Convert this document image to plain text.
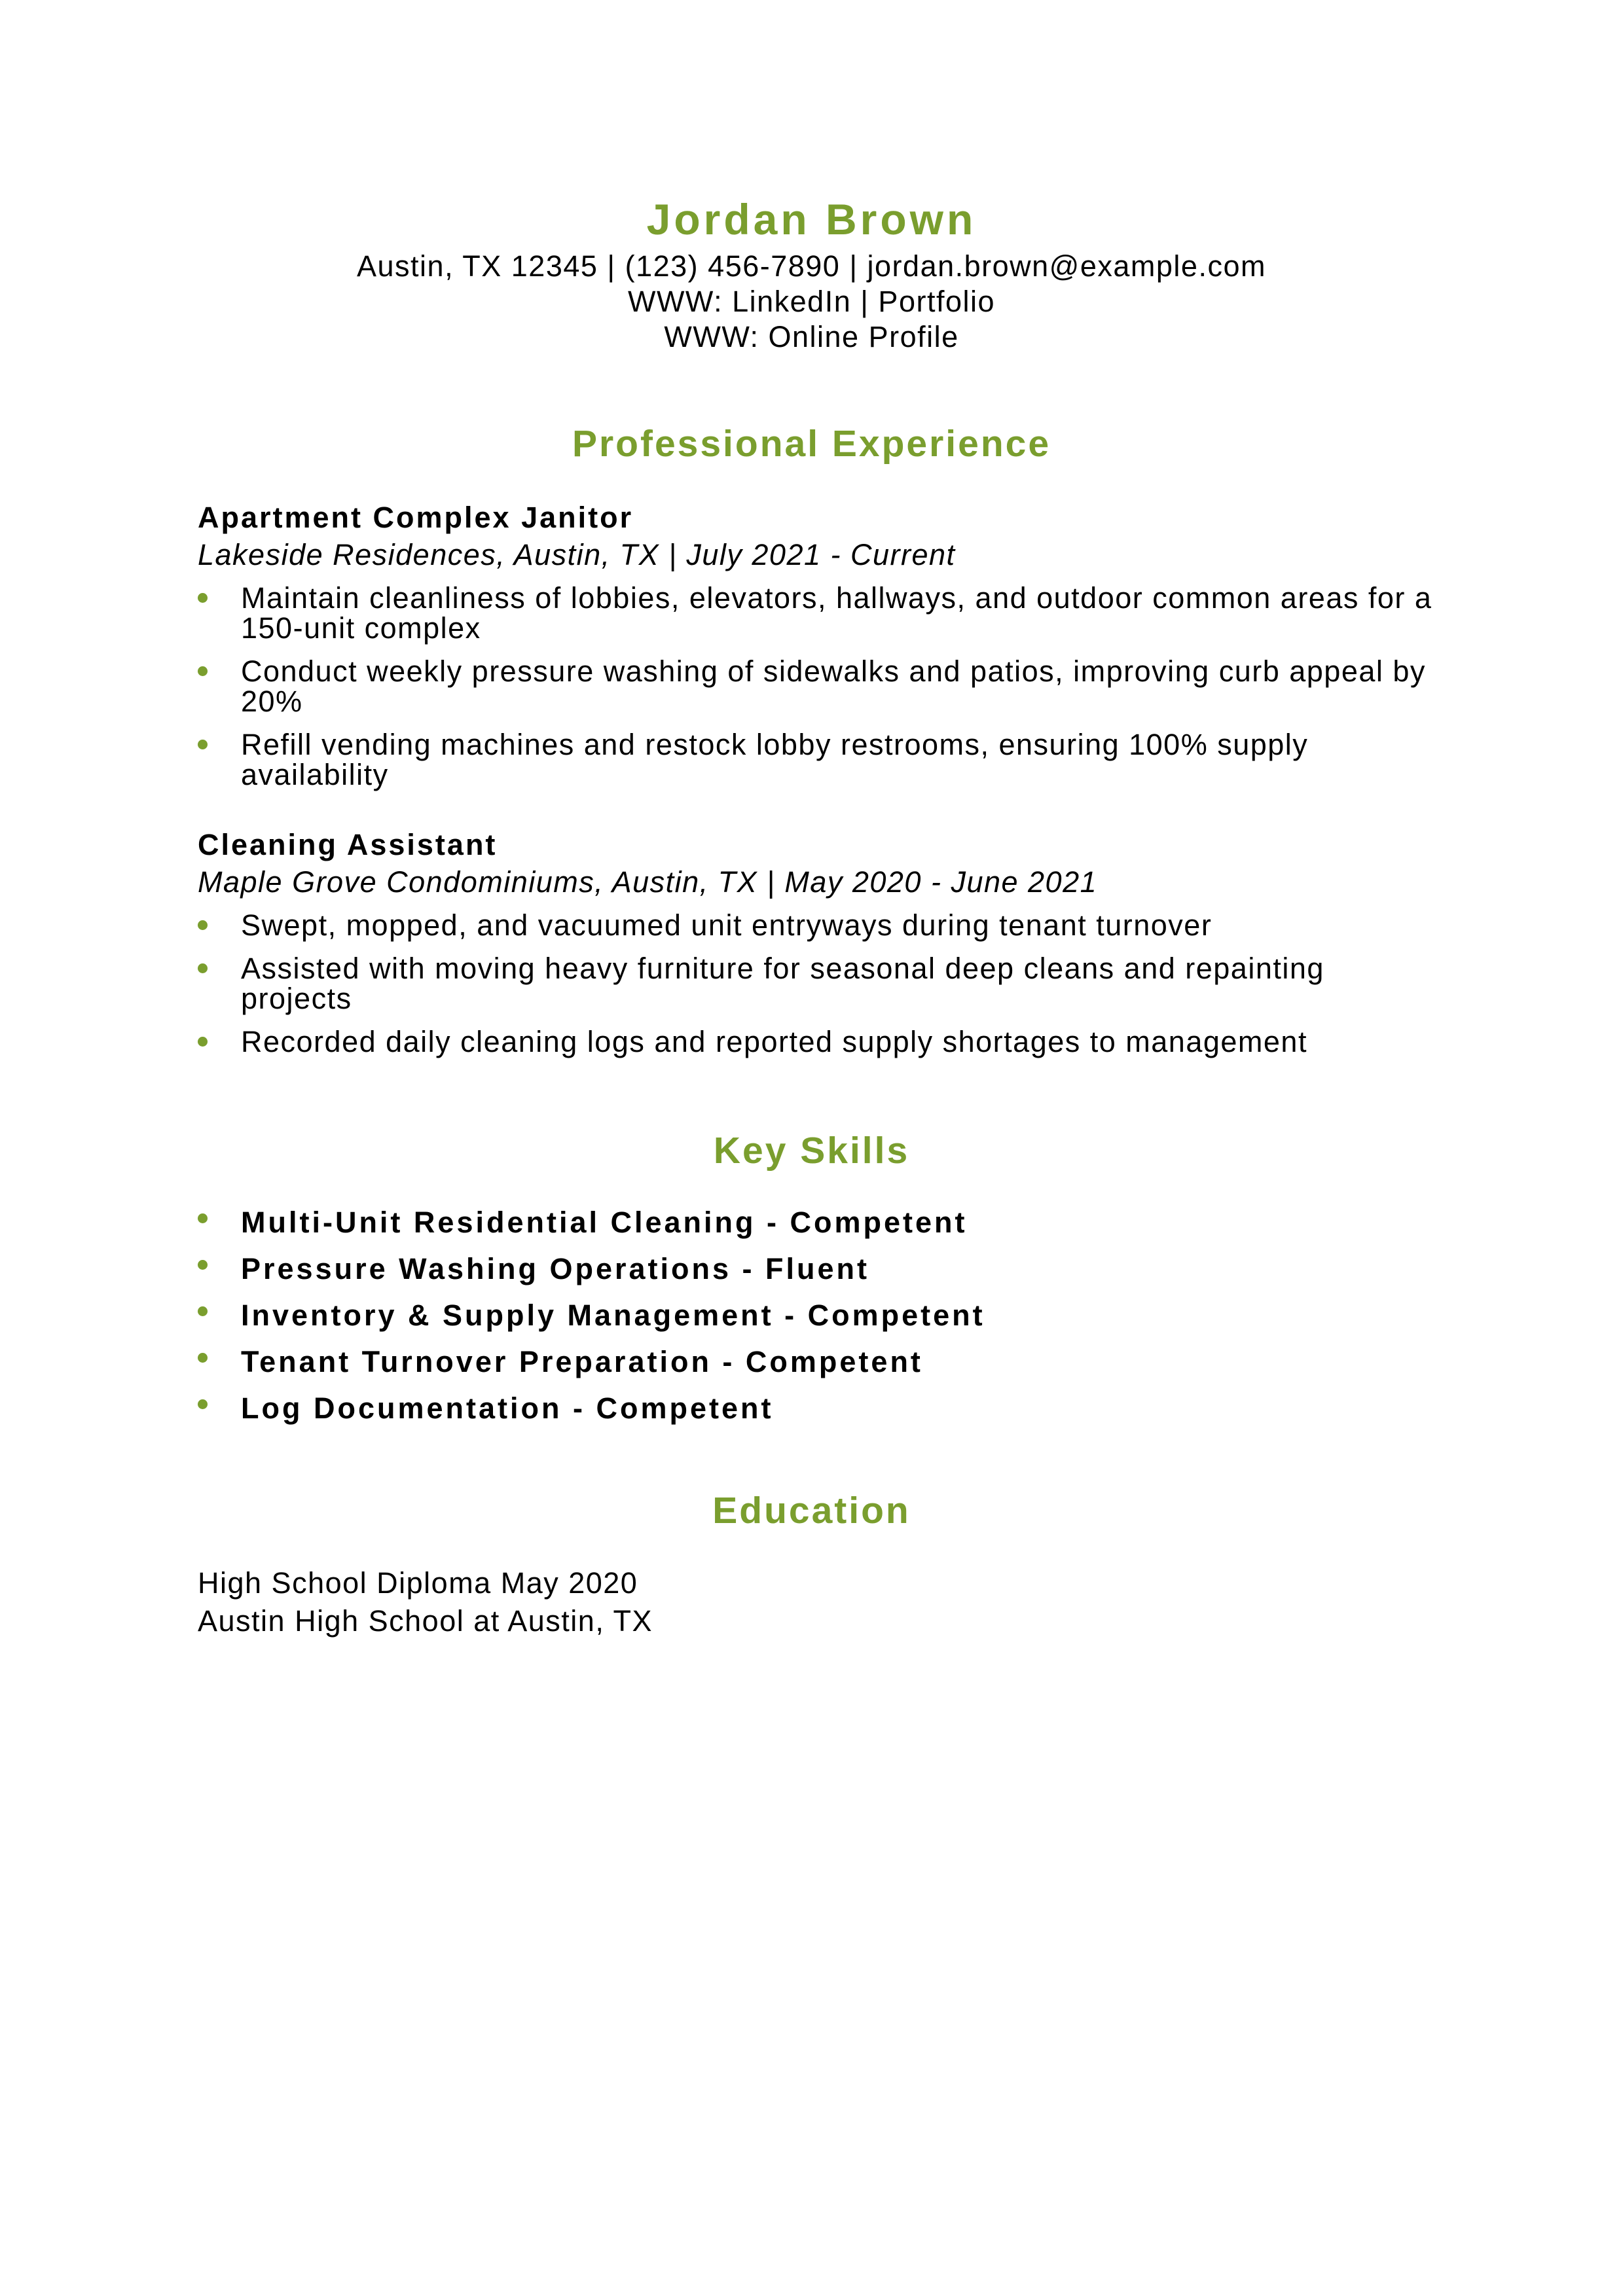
Jordan Brown
Austin, TX 12345 | (123) 456-7890 | jordan.brown@example.com
WWW: LinkedIn | Portfolio
WWW: Online Profile
Professional Experience
Apartment Complex Janitor
Lakeside Residences, Austin, TX | July 2021 - Current
Maintain cleanliness of lobbies, elevators, hallways, and outdoor common areas for a 150-unit complex
Conduct weekly pressure washing of sidewalks and patios, improving curb appeal by 20%
Refill vending machines and restock lobby restrooms, ensuring 100% supply availability
Cleaning Assistant
Maple Grove Condominiums, Austin, TX | May 2020 - June 2021
Swept, mopped, and vacuumed unit entryways during tenant turnover
Assisted with moving heavy furniture for seasonal deep cleans and repainting projects
Recorded daily cleaning logs and reported supply shortages to management
Key Skills
Multi-Unit Residential Cleaning - Competent
Pressure Washing Operations - Fluent
Inventory & Supply Management - Competent
Tenant Turnover Preparation - Competent
Log Documentation - Competent
Education
High School Diploma May 2020
Austin High School at Austin, TX
